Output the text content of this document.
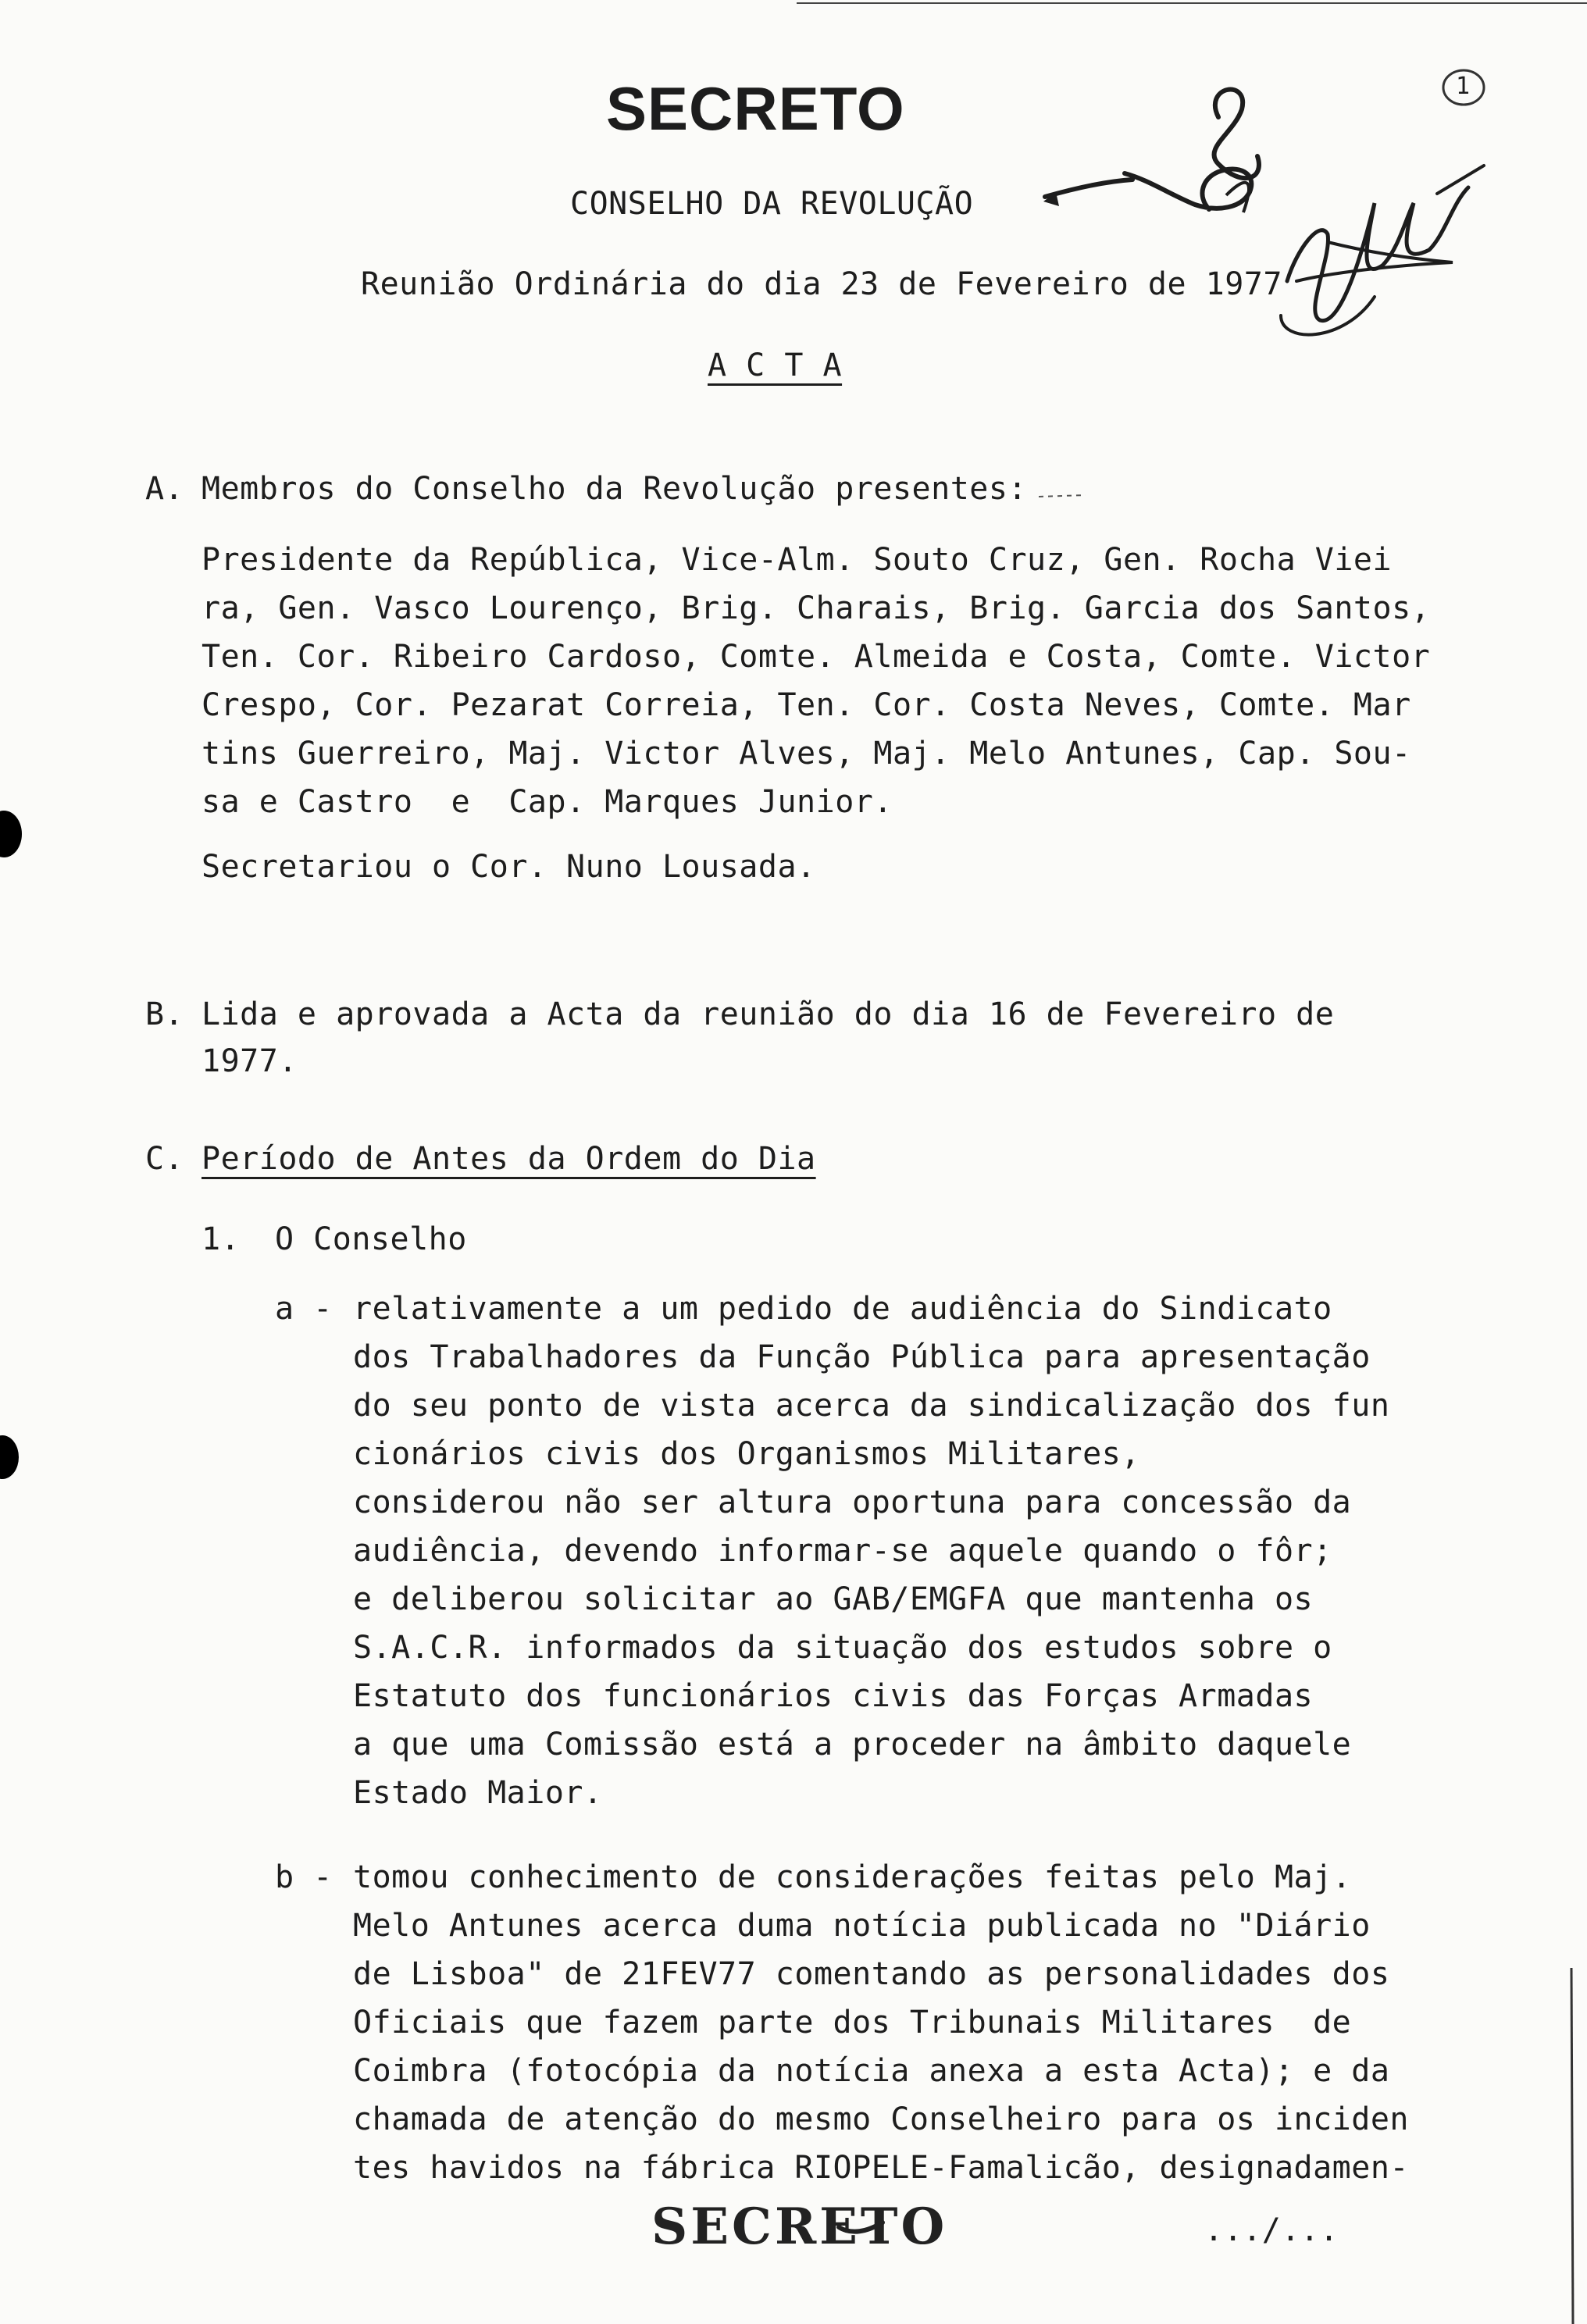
SECRETO
CONSELHO DA REVOLUÇÃO
Reunião Ordinária do dia 23 de Fevereiro de 1977
A C T A
1
A. Membros do Conselho da Revolução presentes:
Presidente da República, Vice-Alm. Souto Cruz, Gen. Rocha Viei
ra, Gen. Vasco Lourenço, Brig. Charais, Brig. Garcia dos Santos,
Ten. Cor. Ribeiro Cardoso, Comte. Almeida e Costa, Comte. Victor
Crespo, Cor. Pezarat Correia, Ten. Cor. Costa Neves, Comte. Mar
tins Guerreiro, Maj. Victor Alves, Maj. Melo Antunes, Cap. Sou-
sa e Castro  e  Cap. Marques Junior.
Secretariou o Cor. Nuno Lousada.
B. Lida e aprovada a Acta da reunião do dia 16 de Fevereiro de
1977.
C. Período de Antes da Ordem do Dia
1. O Conselho
a - relativamente a um pedido de audiência do Sindicato
dos Trabalhadores da Função Pública para apresentação
do seu ponto de vista acerca da sindicalização dos fun
cionários civis dos Organismos Militares,
considerou não ser altura oportuna para concessão da
audiência, devendo informar-se aquele quando o fôr;
e deliberou solicitar ao GAB/EMGFA que mantenha os
S.A.C.R. informados da situação dos estudos sobre o
Estatuto dos funcionários civis das Forças Armadas
a que uma Comissão está a proceder na âmbito daquele
Estado Maior.
b - tomou conhecimento de considerações feitas pelo Maj.
Melo Antunes acerca duma notícia publicada no "Diário
de Lisboa" de 21FEV77 comentando as personalidades dos
Oficiais que fazem parte dos Tribunais Militares  de
Coimbra (fotocópia da notícia anexa a esta Acta); e da
chamada de atenção do mesmo Conselheiro para os inciden
tes havidos na fábrica RIOPELE-Famalicão, designadamen-
SECRETO	.../...
